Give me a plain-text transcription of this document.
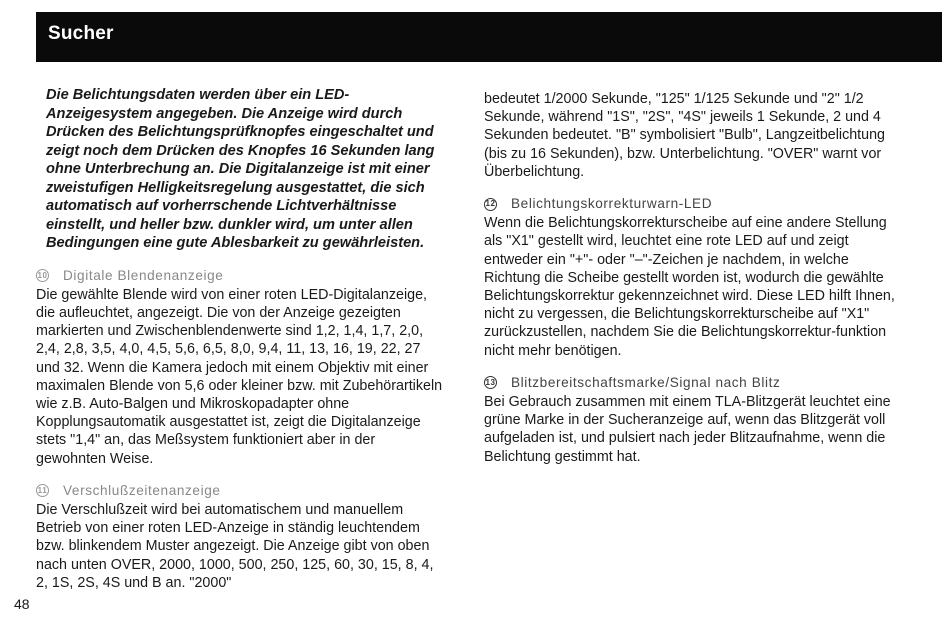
Sucher

Die Belichtungsdaten werden über ein LED-Anzeigesystem angegeben. Die Anzeige wird durch Drücken des Belichtungsprüfknopfes eingeschaltet und zeigt noch dem Drücken des Knopfes 16 Sekunden lang ohne Unterbrechung an. Die Digitalanzeige ist mit einer zweistufigen Helligkeitsregelung ausgestattet, die sich automatisch auf vorherrschende Lichtverhältnisse einstellt, und heller bzw. dunkler wird, um unter allen Bedingungen eine gute Ablesbarkeit zu gewährleisten.

10 Digitale Blendenanzeige

Die gewählte Blende wird von einer roten LED-Digitalanzeige, die aufleuchtet, angezeigt. Die von der Anzeige gezeigten markierten und Zwischenblendenwerte sind 1,2, 1,4, 1,7, 2,0, 2,4, 2,8, 3,5, 4,0, 4,5, 5,6, 6,5, 8,0, 9,4, 11, 13, 16, 19, 22, 27 und 32. Wenn die Kamera jedoch mit einem Objektiv mit einer maximalen Blende von 5,6 oder kleiner bzw. mit Zubehörartikeln wie z.B. Auto-Balgen und Mikroskopadapter ohne Kopplungsautomatik ausgestattet ist, zeigt die Digitalanzeige stets "1,4" an, das Meßsystem funktioniert aber in der gewohnten Weise.

11 Verschlußzeitenanzeige

Die Verschlußzeit wird bei automatischem und manuellem Betrieb von einer roten LED-Anzeige in ständig leuchtendem bzw. blinkendem Muster angezeigt. Die Anzeige gibt von oben nach unten OVER, 2000, 1000, 500, 250, 125, 60, 30, 15, 8, 4, 2, 1S, 2S, 4S und B an. "2000"

bedeutet 1/2000 Sekunde, "125" 1/125 Sekunde und "2" 1/2 Sekunde, während "1S", "2S", "4S" jeweils 1 Sekunde, 2 und 4 Sekunden bedeutet. "B" symbolisiert "Bulb", Langzeitbelichtung (bis zu 16 Sekunden), bzw. Unterbelichtung. "OVER" warnt vor Überbelichtung.

12 Belichtungskorrekturwarn-LED

Wenn die Belichtungskorrekturscheibe auf eine andere Stellung als "X1" gestellt wird, leuchtet eine rote LED auf und zeigt entweder ein "+"- oder "–"-Zeichen je nachdem, in welche Richtung die Scheibe gestellt worden ist, wodurch die gewählte Belichtungskorrektur gekennzeichnet wird. Diese LED hilft Ihnen, nicht zu vergessen, die Belichtungskorrekturscheibe auf "X1" zurückzustellen, nachdem Sie die Belichtungskorrektur-funktion nicht mehr benötigen.

13 Blitzbereitschaftsmarke/Signal nach Blitz

Bei Gebrauch zusammen mit einem TLA-Blitzgerät leuchtet eine grüne Marke in der Sucheranzeige auf, wenn das Blitzgerät voll aufgeladen ist, und pulsiert nach jeder Blitzaufnahme, wenn die Belichtung gestimmt hat.

48
